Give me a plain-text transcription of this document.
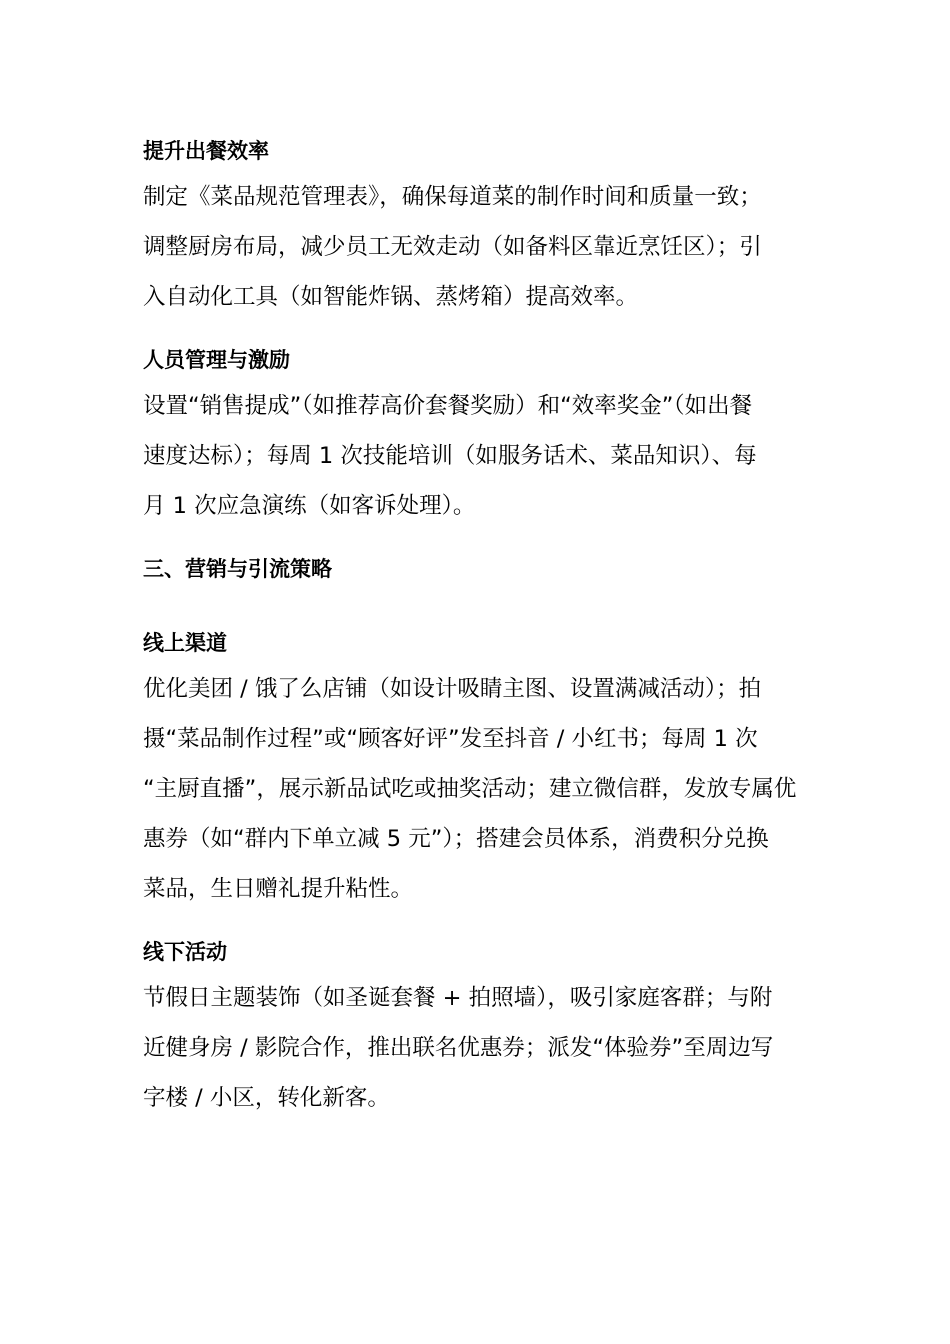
提升出餐效率
制定《菜品规范管理表》，确保每道菜的制作时间和质量一致；
调整厨房布局，减少员工无效走动（如备料区靠近烹饪区）；引
入自动化工具（如智能炸锅、蒸烤箱）提高效率。
人员管理与激励
设置“销售提成”（如推荐高价套餐奖励）和“效率奖金”（如出餐
速度达标）；每周 1 次技能培训（如服务话术、菜品知识）、每
月 1 次应急演练（如客诉处理）。
三、营销与引流策略
线上渠道
优化美团 / 饿了么店铺（如设计吸睛主图、设置满减活动）；拍
摄“菜品制作过程”或“顾客好评”发至抖音 / 小红书；每周 1 次
“主厨直播”，展示新品试吃或抽奖活动；建立微信群，发放专属优
惠券（如“群内下单立减 5 元”）；搭建会员体系，消费积分兑换
菜品，生日赠礼提升粘性。
线下活动
节假日主题装饰（如圣诞套餐 + 拍照墙），吸引家庭客群；与附
近健身房 / 影院合作，推出联名优惠券；派发“体验券”至周边写
字楼 / 小区，转化新客。
